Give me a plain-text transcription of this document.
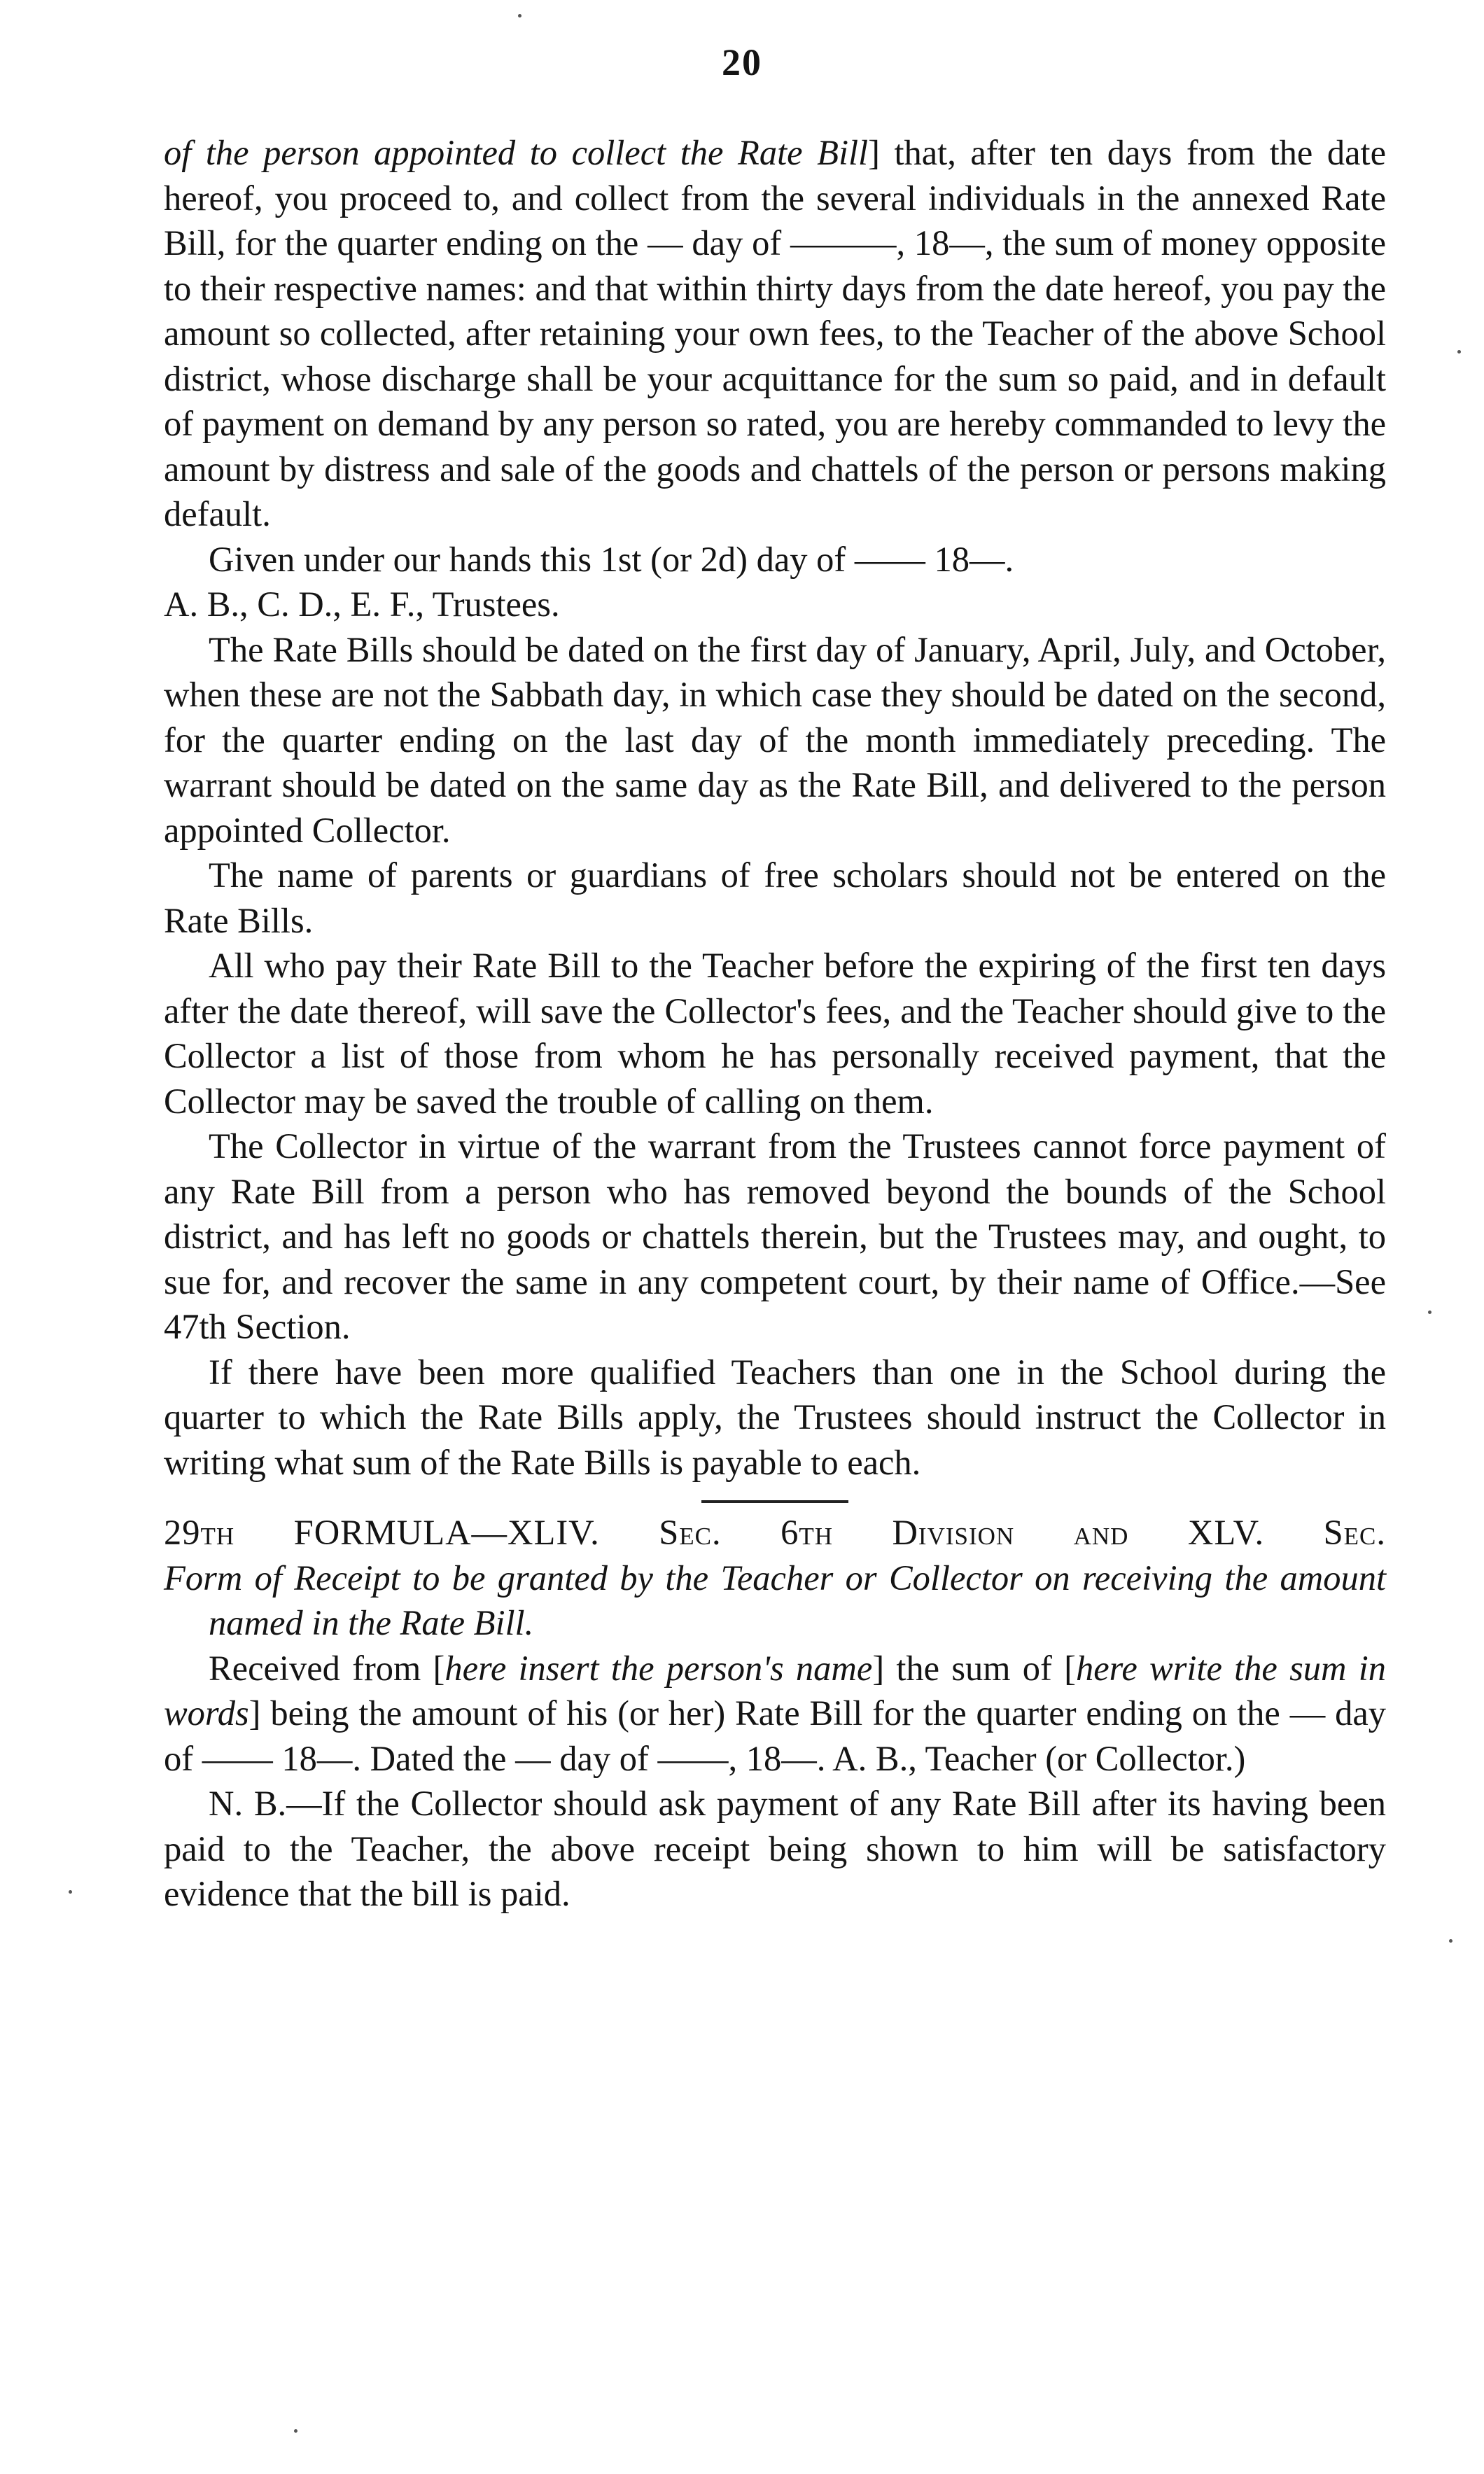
20

of the person appointed to collect the Rate Bill] that, after ten days from the date hereof, you proceed to, and collect from the several individuals in the annexed Rate Bill, for the quarter ending on the — day of ———, 18—, the sum of money opposite to their respective names: and that within thirty days from the date hereof, you pay the amount so collected, after retaining your own fees, to the Teacher of the above School district, whose discharge shall be your acquittance for the sum so paid, and in default of payment on demand by any person so rated, you are hereby commanded to levy the amount by distress and sale of the goods and chattels of the person or persons making default.

Given under our hands this 1st (or 2d) day of —— 18—.

A. B., C. D., E. F., Trustees.

The Rate Bills should be dated on the first day of January, April, July, and October, when these are not the Sabbath day, in which case they should be dated on the second, for the quarter ending on the last day of the month immediately preceding. The warrant should be dated on the same day as the Rate Bill, and delivered to the person appointed Collector.

The name of parents or guardians of free scholars should not be entered on the Rate Bills.

All who pay their Rate Bill to the Teacher before the expiring of the first ten days after the date thereof, will save the Collector's fees, and the Teacher should give to the Collector a list of those from whom he has personally received payment, that the Collector may be saved the trouble of calling on them.

The Collector in virtue of the warrant from the Trustees cannot force payment of any Rate Bill from a person who has removed beyond the bounds of the School district, and has left no goods or chattels therein, but the Trustees may, and ought, to sue for, and recover the same in any competent court, by their name of Office.—See 47th Section.

If there have been more qualified Teachers than one in the School during the quarter to which the Rate Bills apply, the Trustees should instruct the Collector in writing what sum of the Rate Bills is payable to each.

29th FORMULA—XLIV. Sec. 6th Division and XLV. Sec.

Form of Receipt to be granted by the Teacher or Collector on receiving the amount named in the Rate Bill.

Received from [here insert the person's name] the sum of [here write the sum in words] being the amount of his (or her) Rate Bill for the quarter ending on the — day of —— 18—. Dated the — day of ——, 18—. A. B., Teacher (or Collector.)

N. B.—If the Collector should ask payment of any Rate Bill after its having been paid to the Teacher, the above receipt being shown to him will be satisfactory evidence that the bill is paid.
